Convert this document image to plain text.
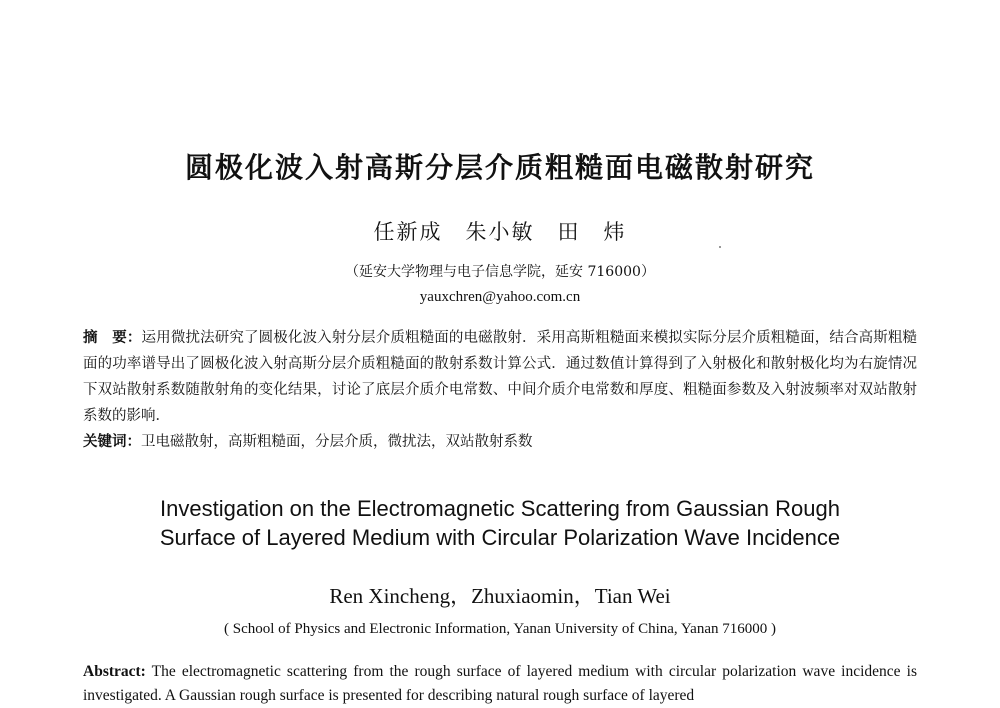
圆极化波入射高斯分层介质粗糙面电磁散射研究
任新成　朱小敏　田　炜
（延安大学物理与电子信息学院，延安 716000）
yauxchren@yahoo.com.cn
摘　要：运用微扰法研究了圆极化波入射分层介质粗糙面的电磁散射．采用高斯粗糙面来模拟实际分层介质粗糙面，结合高斯粗糙面的功率谱导出了圆极化波入射高斯分层介质粗糙面的散射系数计算公式．通过数值计算得到了入射极化和散射极化均为右旋情况下双站散射系数随散射角的变化结果，讨论了底层介质介电常数、中间介质介电常数和厚度、粗糙面参数及入射波频率对双站散射系数的影响．
关键词：卫电磁散射，高斯粗糙面，分层介质，微扰法，双站散射系数
Investigation on the Electromagnetic Scattering from Gaussian Rough
Surface of Layered Medium with Circular Polarization Wave Incidence
Ren Xincheng，Zhuxiaomin，Tian Wei
( School of Physics and Electronic Information, Yanan University of China, Yanan 716000 )
Abstract: The electromagnetic scattering from the rough surface of layered medium with circular polarization wave incidence is investigated. A Gaussian rough surface is presented for describing natural rough surface of layered
